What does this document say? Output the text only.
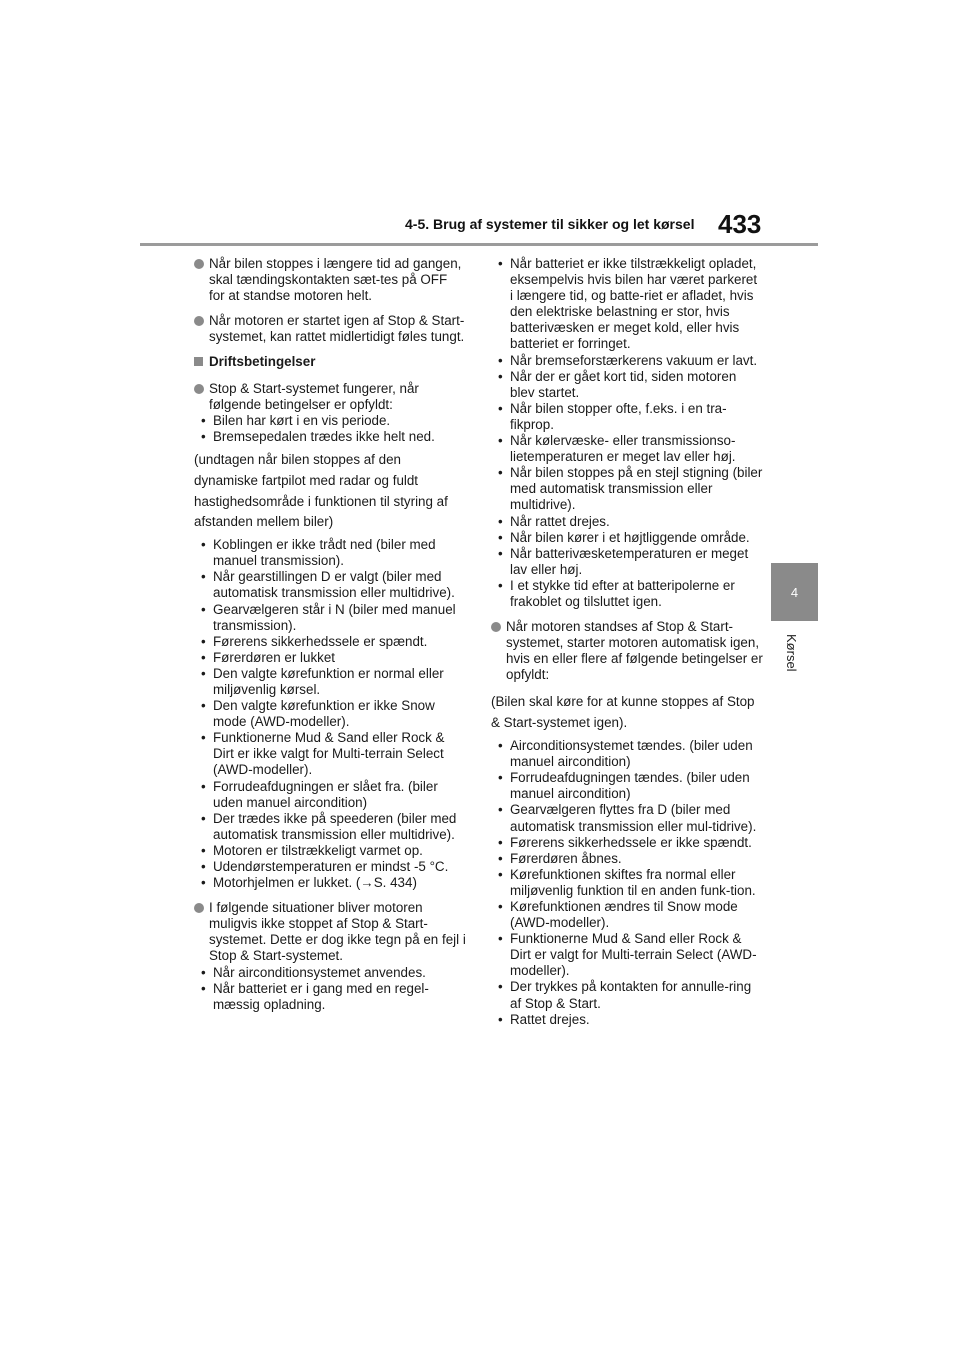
4-5. Brug af systemer til sikker og let kørsel 433
4
Kørsel
Når bilen stoppes i længere tid ad gangen, skal tændingskontakten sæt-tes på OFF for at standse motoren helt.
Når motoren er startet igen af Stop & Start-systemet, kan rattet midlertidigt føles tungt.
Driftsbetingelser
Stop & Start-systemet fungerer, når følgende betingelser er opfyldt:
• Bilen har kørt i en vis periode.
• Bremsepedalen trædes ikke helt ned.
(undtagen når bilen stoppes af den dynamiske fartpilot med radar og fuldt hastighedsområde i funktionen til styring af afstanden mellem biler)
• Koblingen er ikke trådt ned (biler med manuel transmission).
• Når gearstillingen D er valgt (biler med automatisk transmission eller multidrive).
• Gearvælgeren står i N (biler med manuel transmission).
• Førerens sikkerhedssele er spændt.
• Førerdøren er lukket
• Den valgte kørefunktion er normal eller miljøvenlig kørsel.
• Den valgte kørefunktion er ikke Snow mode (AWD-modeller).
• Funktionerne Mud & Sand eller Rock & Dirt er ikke valgt for Multi-terrain Select (AWD-modeller).
• Forrudeafdugningen er slået fra. (biler uden manuel aircondition)
• Der trædes ikke på speederen (biler med automatisk transmission eller multidrive).
• Motoren er tilstrækkeligt varmet op.
• Udendørstemperaturen er mindst -5 °C.
• Motorhjelmen er lukket. (→S. 434)
I følgende situationer bliver motoren muligvis ikke stoppet af Stop & Start-systemet. Dette er dog ikke tegn på en fejl i Stop & Start-systemet.
• Når airconditionsystemet anvendes.
• Når batteriet er i gang med en regel-mæssig opladning.
• Når batteriet er ikke tilstrækkeligt opladet, eksempelvis hvis bilen har været parkeret i længere tid, og batte-riet er afladet, hvis den elektriske belastning er stor, hvis batterivæsken er meget kold, eller hvis batteriet er forringet.
• Når bremseforstærkerens vakuum er lavt.
• Når der er gået kort tid, siden motoren blev startet.
• Når bilen stopper ofte, f.eks. i en tra-fikprop.
• Når kølervæske- eller transmissionso-lietemperaturen er meget lav eller høj.
• Når bilen stoppes på en stejl stigning (biler med automatisk transmission eller multidrive).
• Når rattet drejes.
• Når bilen kører i et højtliggende område.
• Når batterivæsketemperaturen er meget lav eller høj.
• I et stykke tid efter at batteripolerne er frakoblet og tilsluttet igen.
Når motoren standses af Stop & Start-systemet, starter motoren automatisk igen, hvis en eller flere af følgende betingelser er opfyldt:
(Bilen skal køre for at kunne stoppes af Stop & Start-systemet igen).
• Airconditionsystemet tændes. (biler uden manuel aircondition)
• Forrudeafdugningen tændes. (biler uden manuel aircondition)
• Gearvælgeren flyttes fra D (biler med automatisk transmission eller mul-tidrive).
• Førerens sikkerhedssele er ikke spændt.
• Førerdøren åbnes.
• Kørefunktionen skiftes fra normal eller miljøvenlig funktion til en anden funk-tion.
• Kørefunktionen ændres til Snow mode (AWD-modeller).
• Funktionerne Mud & Sand eller Rock & Dirt er valgt for Multi-terrain Select (AWD-modeller).
• Der trykkes på kontakten for annulle-ring af Stop & Start.
• Rattet drejes.
